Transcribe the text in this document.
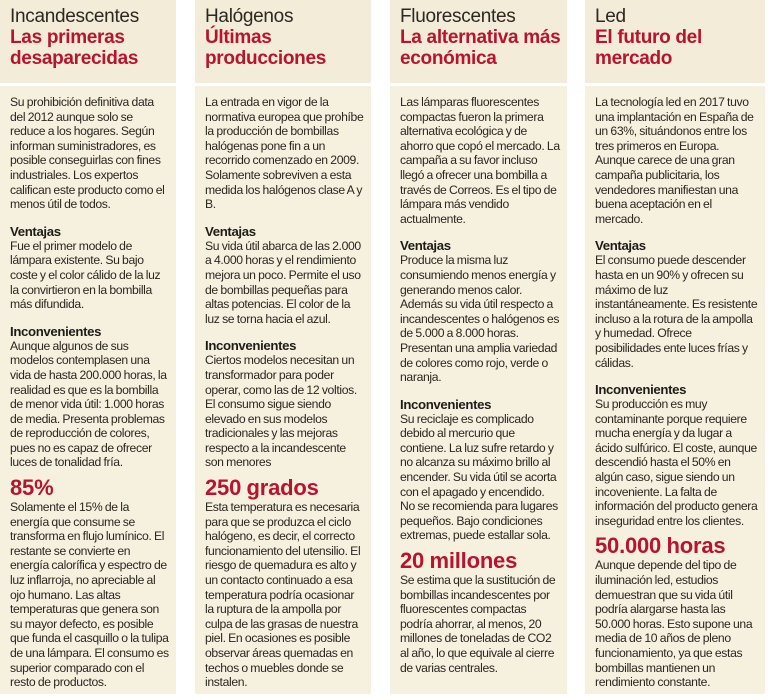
Incandescentes
Las primeras desaparecidas

Su prohibición definitiva data del 2012 aunque solo se reduce a los hogares. Según informan suministradores, es posible conseguirlas con fines industriales. Los expertos califican este producto como el menos útil de todos.

Ventajas

Fue el primer modelo de lámpara existente. Su bajo coste y el color cálido de la luz la convirtieron en la bombilla más difundida.

Inconvenientes

Aunque algunos de sus modelos contemplasen una vida de hasta 200.000 horas, la realidad es que es la bombilla de menor vida útil: 1.000 horas de media. Presenta problemas de reproducción de colores, pues no es capaz de ofrecer luces de tonalidad fría.

85%

Solamente el 15% de la energía que consume se transforma en flujo lumínico. El restante se convierte en energía calorífica y espectro de luz inflarroja, no apreciable al ojo humano. Las altas temperaturas que genera son su mayor defecto, es posible que funda el casquillo o la tulipa de una lámpara. El consumo es superior comparado con el resto de productos.

Halógenos
Últimas producciones

La entrada en vigor de la normativa europea que prohíbe la producción de bombillas halógenas pone fin a un recorrido comenzado en 2009. Solamente sobreviven a esta medida los halógenos clase A y B.

Ventajas

Su vida útil abarca de las 2.000 a 4.000 horas y el rendimiento mejora un poco. Permite el uso de bombillas pequeñas para altas potencias. El color de la luz se torna hacia el azul.

Inconvenientes

Ciertos modelos necesitan un transformador para poder operar, como las de 12 voltios. El consumo sigue siendo elevado en sus modelos tradicionales y las mejoras respecto a la incandescente son menores

250 grados

Esta temperatura es necesaria para que se produzca el ciclo halógeno, es decir, el correcto funcionamiento del utensilio. El riesgo de quemadura es alto y un contacto continuado a esa temperatura podría ocasionar la ruptura de la ampolla por culpa de las grasas de nuestra piel. En ocasiones es posible observar áreas quemadas en techos o muebles donde se instalen.

Fluorescentes
La alternativa más económica

Las lámparas fluorescentes compactas fueron la primera alternativa ecológica y de ahorro que copó el mercado. La campaña a su favor incluso llegó a ofrecer una bombilla a través de Correos. Es el tipo de lámpara más vendido actualmente.

Ventajas

Produce la misma luz consumiendo menos energía y generando menos calor. Además su vida útil respecto a incandescentes o halógenos es de 5.000 a 8.000 horas. Presentan una amplia variedad de colores como rojo, verde o naranja.

Inconvenientes

Su reciclaje es complicado debido al mercurio que contiene. La luz sufre retardo y no alcanza su máximo brillo al encender. Su vida útil se acorta con el apagado y encendido. No se recomienda para lugares pequeños. Bajo condiciones extremas, puede estallar sola.

20 millones

Se estima que la sustitución de bombillas incandescentes por fluorescentes compactas podría ahorrar, al menos, 20 millones de toneladas de CO2 al año, lo que equivale al cierre de varias centrales.

Led
El futuro del mercado

La tecnología led en 2017 tuvo una implantación en España de un 63%, situándonos entre los tres primeros en Europa. Aunque carece de una gran campaña publicitaria, los vendedores manifiestan una buena aceptación en el mercado.

Ventajas

El consumo puede descender hasta en un 90% y ofrecen su máximo de luz instantáneamente. Es resistente incluso a la rotura de la ampolla y humedad. Ofrece posibilidades ente luces frías y cálidas.

Inconvenientes

Su producción es muy contaminante porque requiere mucha energía y da lugar a ácido sulfúrico. El coste, aunque descendió hasta el 50% en algún caso, sigue siendo un incoveniente. La falta de información del producto genera inseguridad entre los clientes.

50.000 horas

Aunque depende del tipo de iluminación led, estudios demuestran que su vida útil podría alargarse hasta las 50.000 horas. Esto supone una media de 10 años de pleno funcionamiento, ya que estas bombillas mantienen un rendimiento constante.
